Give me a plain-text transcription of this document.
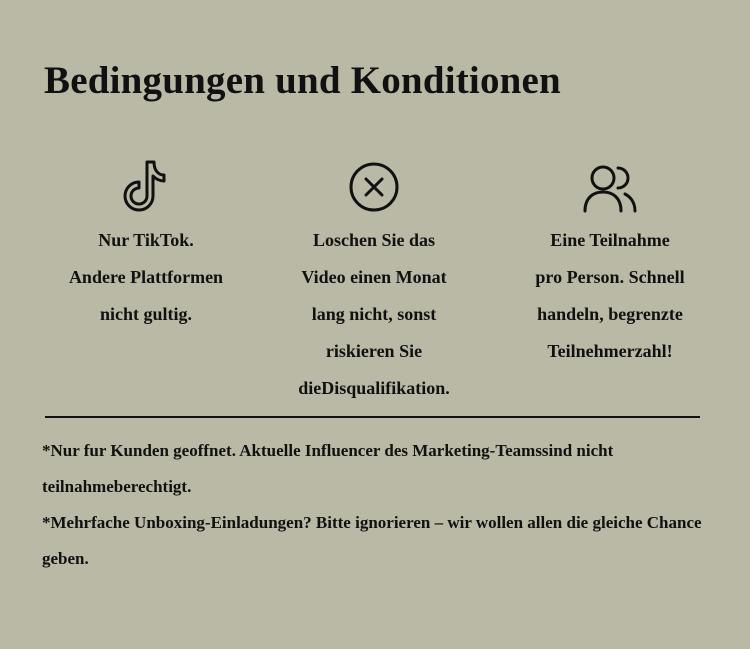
Bedingungen und Konditionen
Nur TikTok.
Andere Plattformen
nicht gultig.
Loschen Sie das
Video einen Monat
lang nicht, sonst
riskieren Sie
dieDisqualifikation.
Eine Teilnahme
pro Person. Schnell
handeln, begrenzte
Teilnehmerzahl!

*Nur fur Kunden geoffnet. Aktuelle Influencer des Marketing-Teamssind nicht teilnahmeberechtigt.

*Mehrfache Unboxing-Einladungen? Bitte ignorieren – wir wollen allen die gleiche Chance geben.
